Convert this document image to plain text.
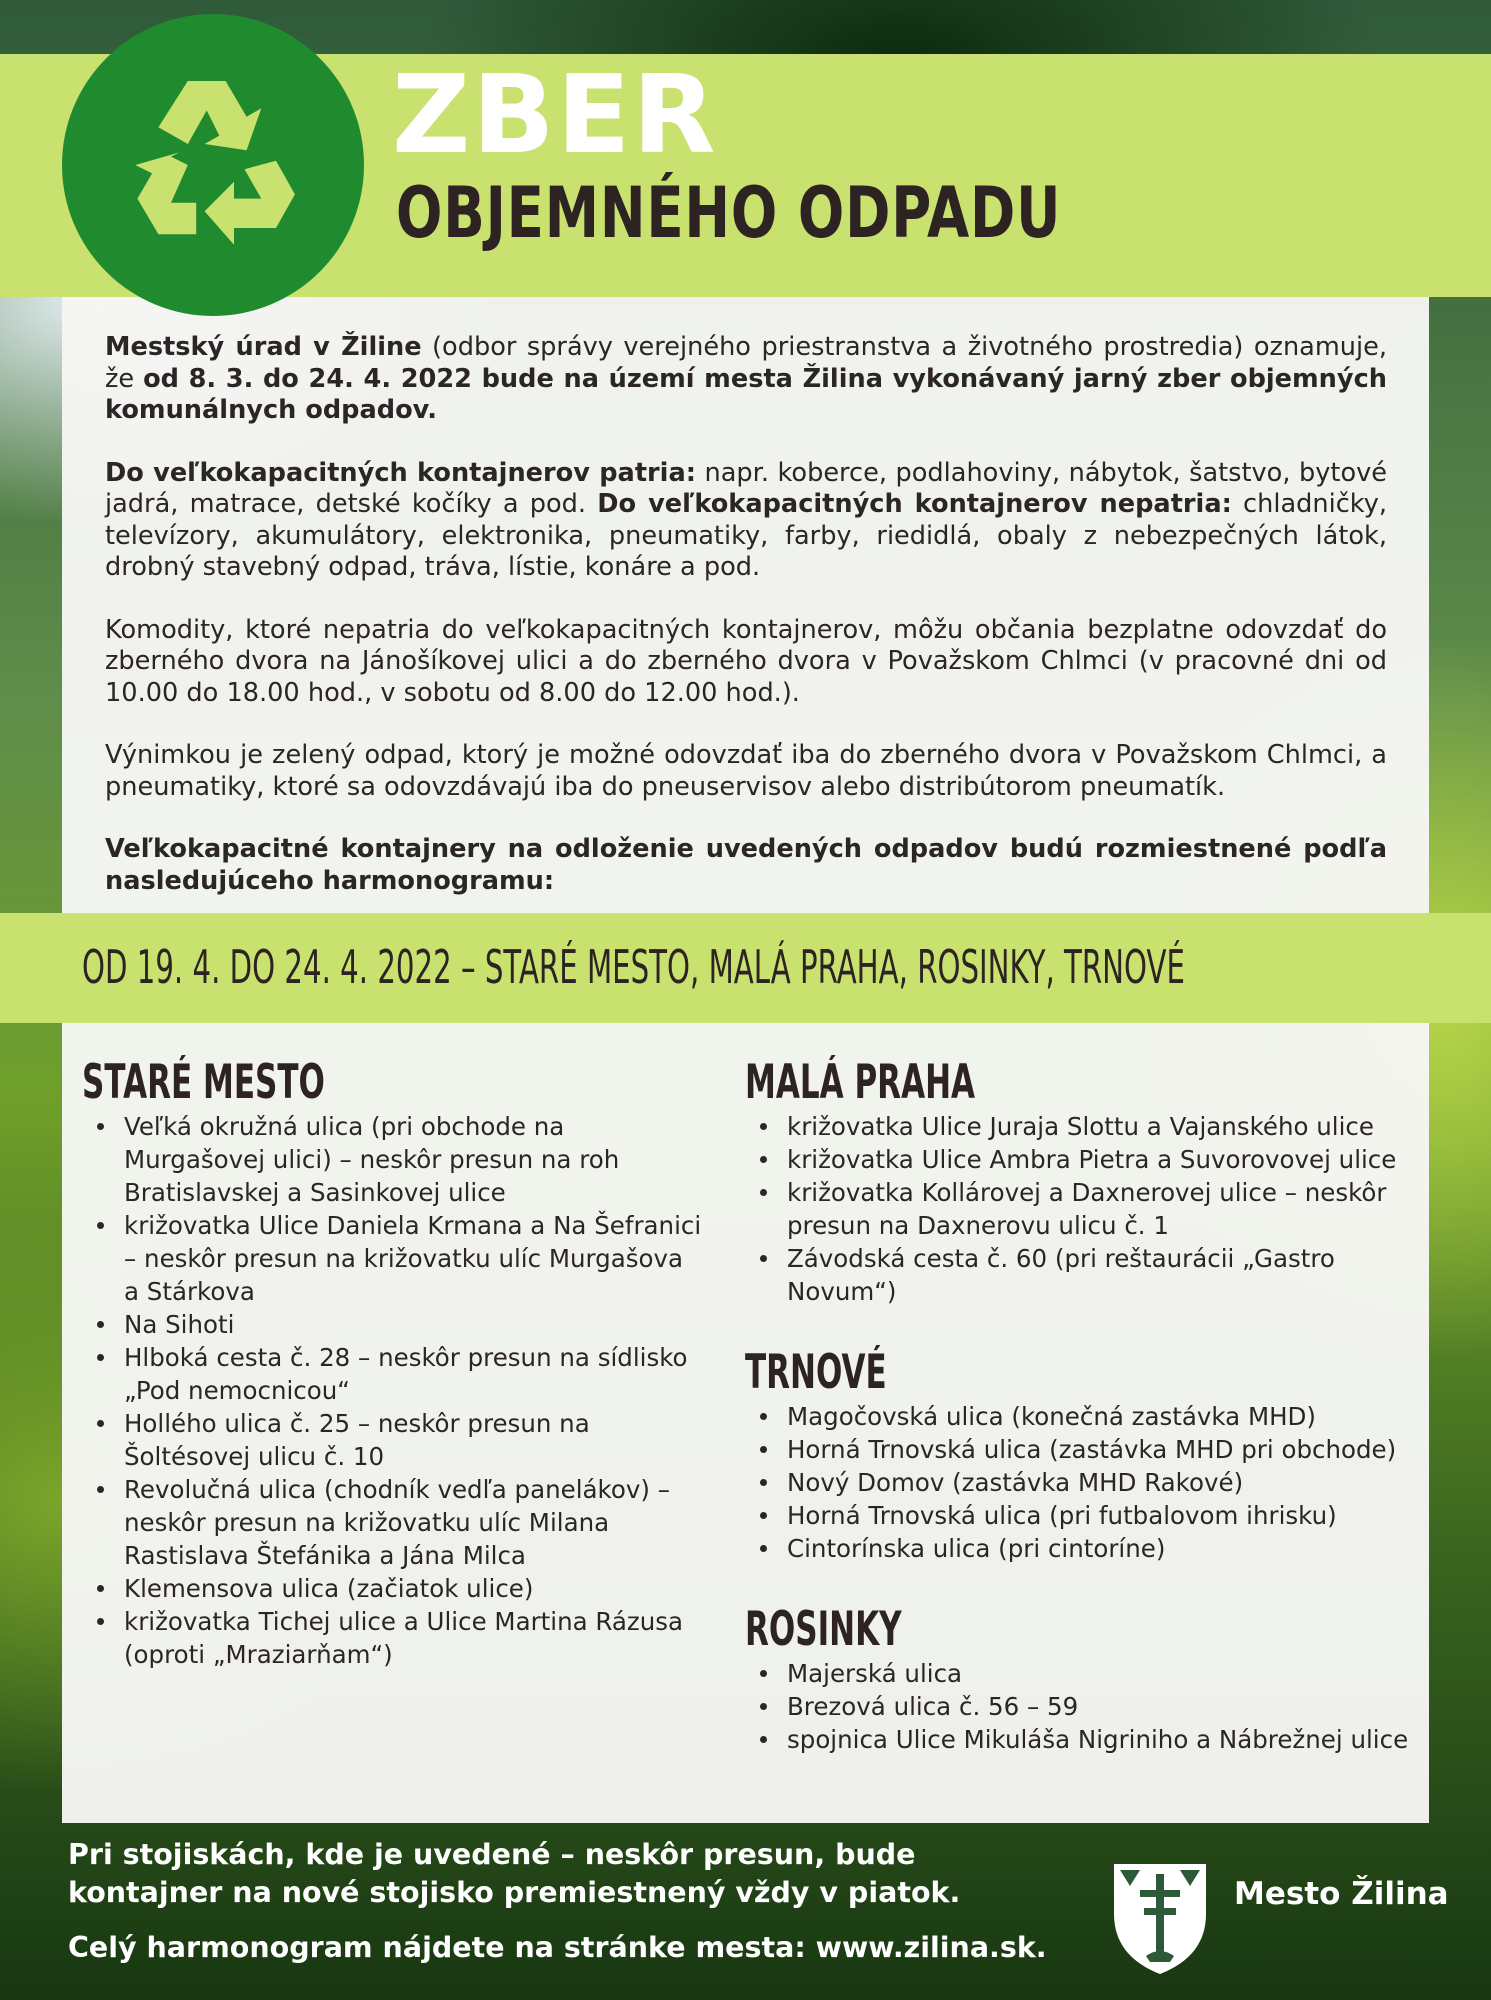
ZBER
OBJEMNÉHO ODPADU

Mestský úrad v Žiline (odbor správy verejného priestranstva a životného prostredia) oznamuje, že od 8. 3. do 24. 4. 2022 bude na území mesta Žilina vykonávaný jarný zber objemných komunálnych odpadov.

Do veľkokapacitných kontajnerov patria: napr. koberce, podlahoviny, nábytok, šatstvo, bytové jadrá, matrace, detské kočíky a pod. Do veľkokapacitných kontajnerov nepatria: chladničky, televízory, akumulátory, elektronika, pneumatiky, farby, riedidlá, obaly z nebezpečných látok, drobný stavebný odpad, tráva, lístie, konáre a pod.

Komodity, ktoré nepatria do veľkokapacitných kontajnerov, môžu občania bezplatne odovzdať do zberného dvora na Jánošíkovej ulici a do zberného dvora v Považskom Chlmci (v pracovné dni od 10.00 do 18.00 hod., v sobotu od 8.00 do 12.00 hod.).

Výnimkou je zelený odpad, ktorý je možné odovzdať iba do zberného dvora v Považskom Chlmci, a pneumatiky, ktoré sa odovzdávajú iba do pneuservisov alebo distribútorom pneumatík.

Veľkokapacitné kontajnery na odloženie uvedených odpadov budú rozmiestnené podľa nasledujúceho harmonogramu:

OD 19. 4. DO 24. 4. 2022 – STARÉ MESTO, MALÁ PRAHA, ROSINKY, TRNOVÉ
STARÉ MESTO
Veľká okružná ulica (pri obchode na Murgašovej ulici) – neskôr presun na roh Bratislavskej a Sasinkovej ulice
križovatka Ulice Daniela Krmana a Na Šefranici – neskôr presun na križovatku ulíc Murgašova a Stárkova
Na Sihoti
Hlboká cesta č. 28 – neskôr presun na sídlisko „Pod nemocnicou“
Hollého ulica č. 25 – neskôr presun na Šoltésovej ulicu č. 10
Revolučná ulica (chodník vedľa panelákov) – neskôr presun na križovatku ulíc Milana Rastislava Štefánika a Jána Milca
Klemensova ulica (začiatok ulice)
križovatka Tichej ulice a Ulice Martina Rázusa (oproti „Mraziarňam“)
MALÁ PRAHA
križovatka Ulice Juraja Slottu a Vajanského ulice
križovatka Ulice Ambra Pietra a Suvorovovej ulice
križovatka Kollárovej a Daxnerovej ulice – neskôr presun na Daxnerovu ulicu č. 1
Závodská cesta č. 60 (pri reštaurácii „Gastro Novum“)
TRNOVÉ
Magočovská ulica (konečná zastávka MHD)
Horná Trnovská ulica (zastávka MHD pri obchode)
Nový Domov (zastávka MHD Rakové)
Horná Trnovská ulica (pri futbalovom ihrisku)
Cintorínska ulica (pri cintoríne)
ROSINKY
Majerská ulica
Brezová ulica č. 56 – 59
spojnica Ulice Mikuláša Nigriniho a Nábrežnej ulice

Pri stojiskách, kde je uvedené – neskôr presun, bude kontajner na nové stojisko premiestnený vždy v piatok.

Celý harmonogram nájdete na stránke mesta: www.zilina.sk.

Mesto Žilina
